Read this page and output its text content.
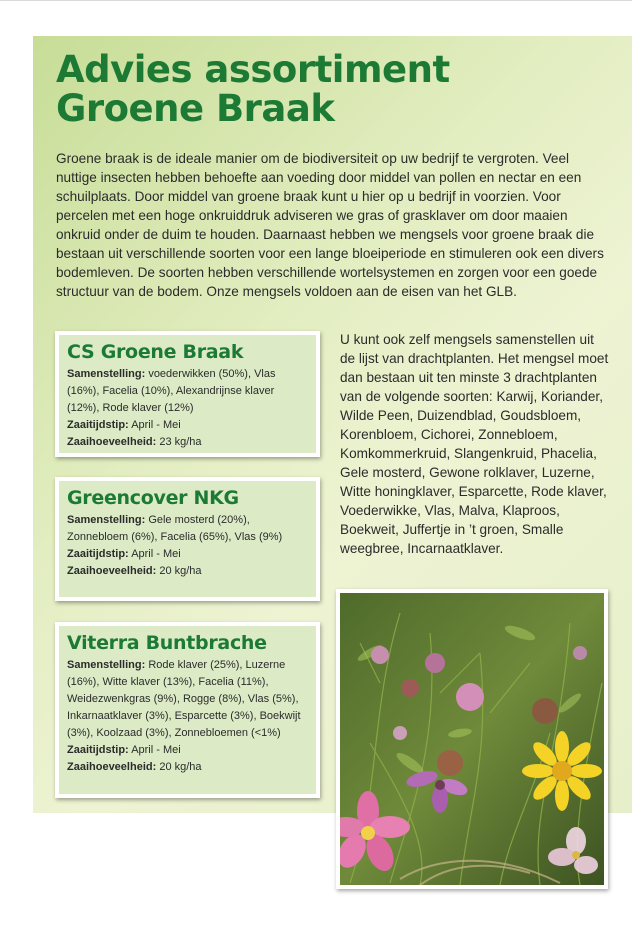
Advies assortiment
Groene Braak

Groene braak is de ideale manier om de biodiversiteit op uw bedrijf te vergroten. Veel nuttige insecten hebben behoefte aan voeding door middel van pollen en nectar en een schuilplaats. Door middel van groene braak kunt u hier op u bedrijf in voorzien. Voor percelen met een hoge onkruiddruk adviseren we gras of grasklaver om door maaien onkruid onder de duim te houden. Daarnaast hebben we mengsels voor groene braak die bestaan uit verschillende soorten voor een lange bloeiperiode en stimuleren ook een divers bodemleven. De soorten hebben verschillende wortelsystemen en zorgen voor een goede structuur van de bodem. Onze mengsels voldoen aan de eisen van het GLB.

CS Groene Braak

Samenstelling: voederwikken (50%), Vlas (16%), Facelia (10%), Alexandrijnse klaver (12%), Rode klaver (12%)

Zaaitijdstip: April - Mei

Zaaihoeveelheid: 23 kg/ha

Greencover NKG

Samenstelling: Gele mosterd (20%), Zonnebloem (6%), Facelia (65%), Vlas (9%)

Zaaitijdstip: April - Mei

Zaaihoeveelheid: 20 kg/ha

Viterra Buntbrache

Samenstelling: Rode klaver (25%), Luzerne (16%), Witte klaver (13%), Facelia (11%), Weidezwenkgras (9%), Rogge (8%), Vlas (5%), Inkarnaatklaver (3%), Esparcette (3%), Boekwijt (3%), Koolzaad (3%), Zonnebloemen (<1%)

Zaaitijdstip: April - Mei

Zaaihoeveelheid: 20 kg/ha

U kunt ook zelf mengsels samenstellen uit de lijst van drachtplanten. Het mengsel moet dan bestaan uit ten minste 3 drachtplanten van de volgende soorten: Karwij, Koriander, Wilde Peen, Duizendblad, Goudsbloem, Korenbloem, Cichorei, Zonnebloem, Komkommerkruid, Slangenkruid, Phacelia, Gele mosterd, Gewone rolklaver, Luzerne, Witte honingklaver, Esparcette, Rode klaver, Voederwikke, Vlas, Malva, Klaproos, Boekweit, Juffertje in ’t groen, Smalle weegbree, Incarnaatklaver.
